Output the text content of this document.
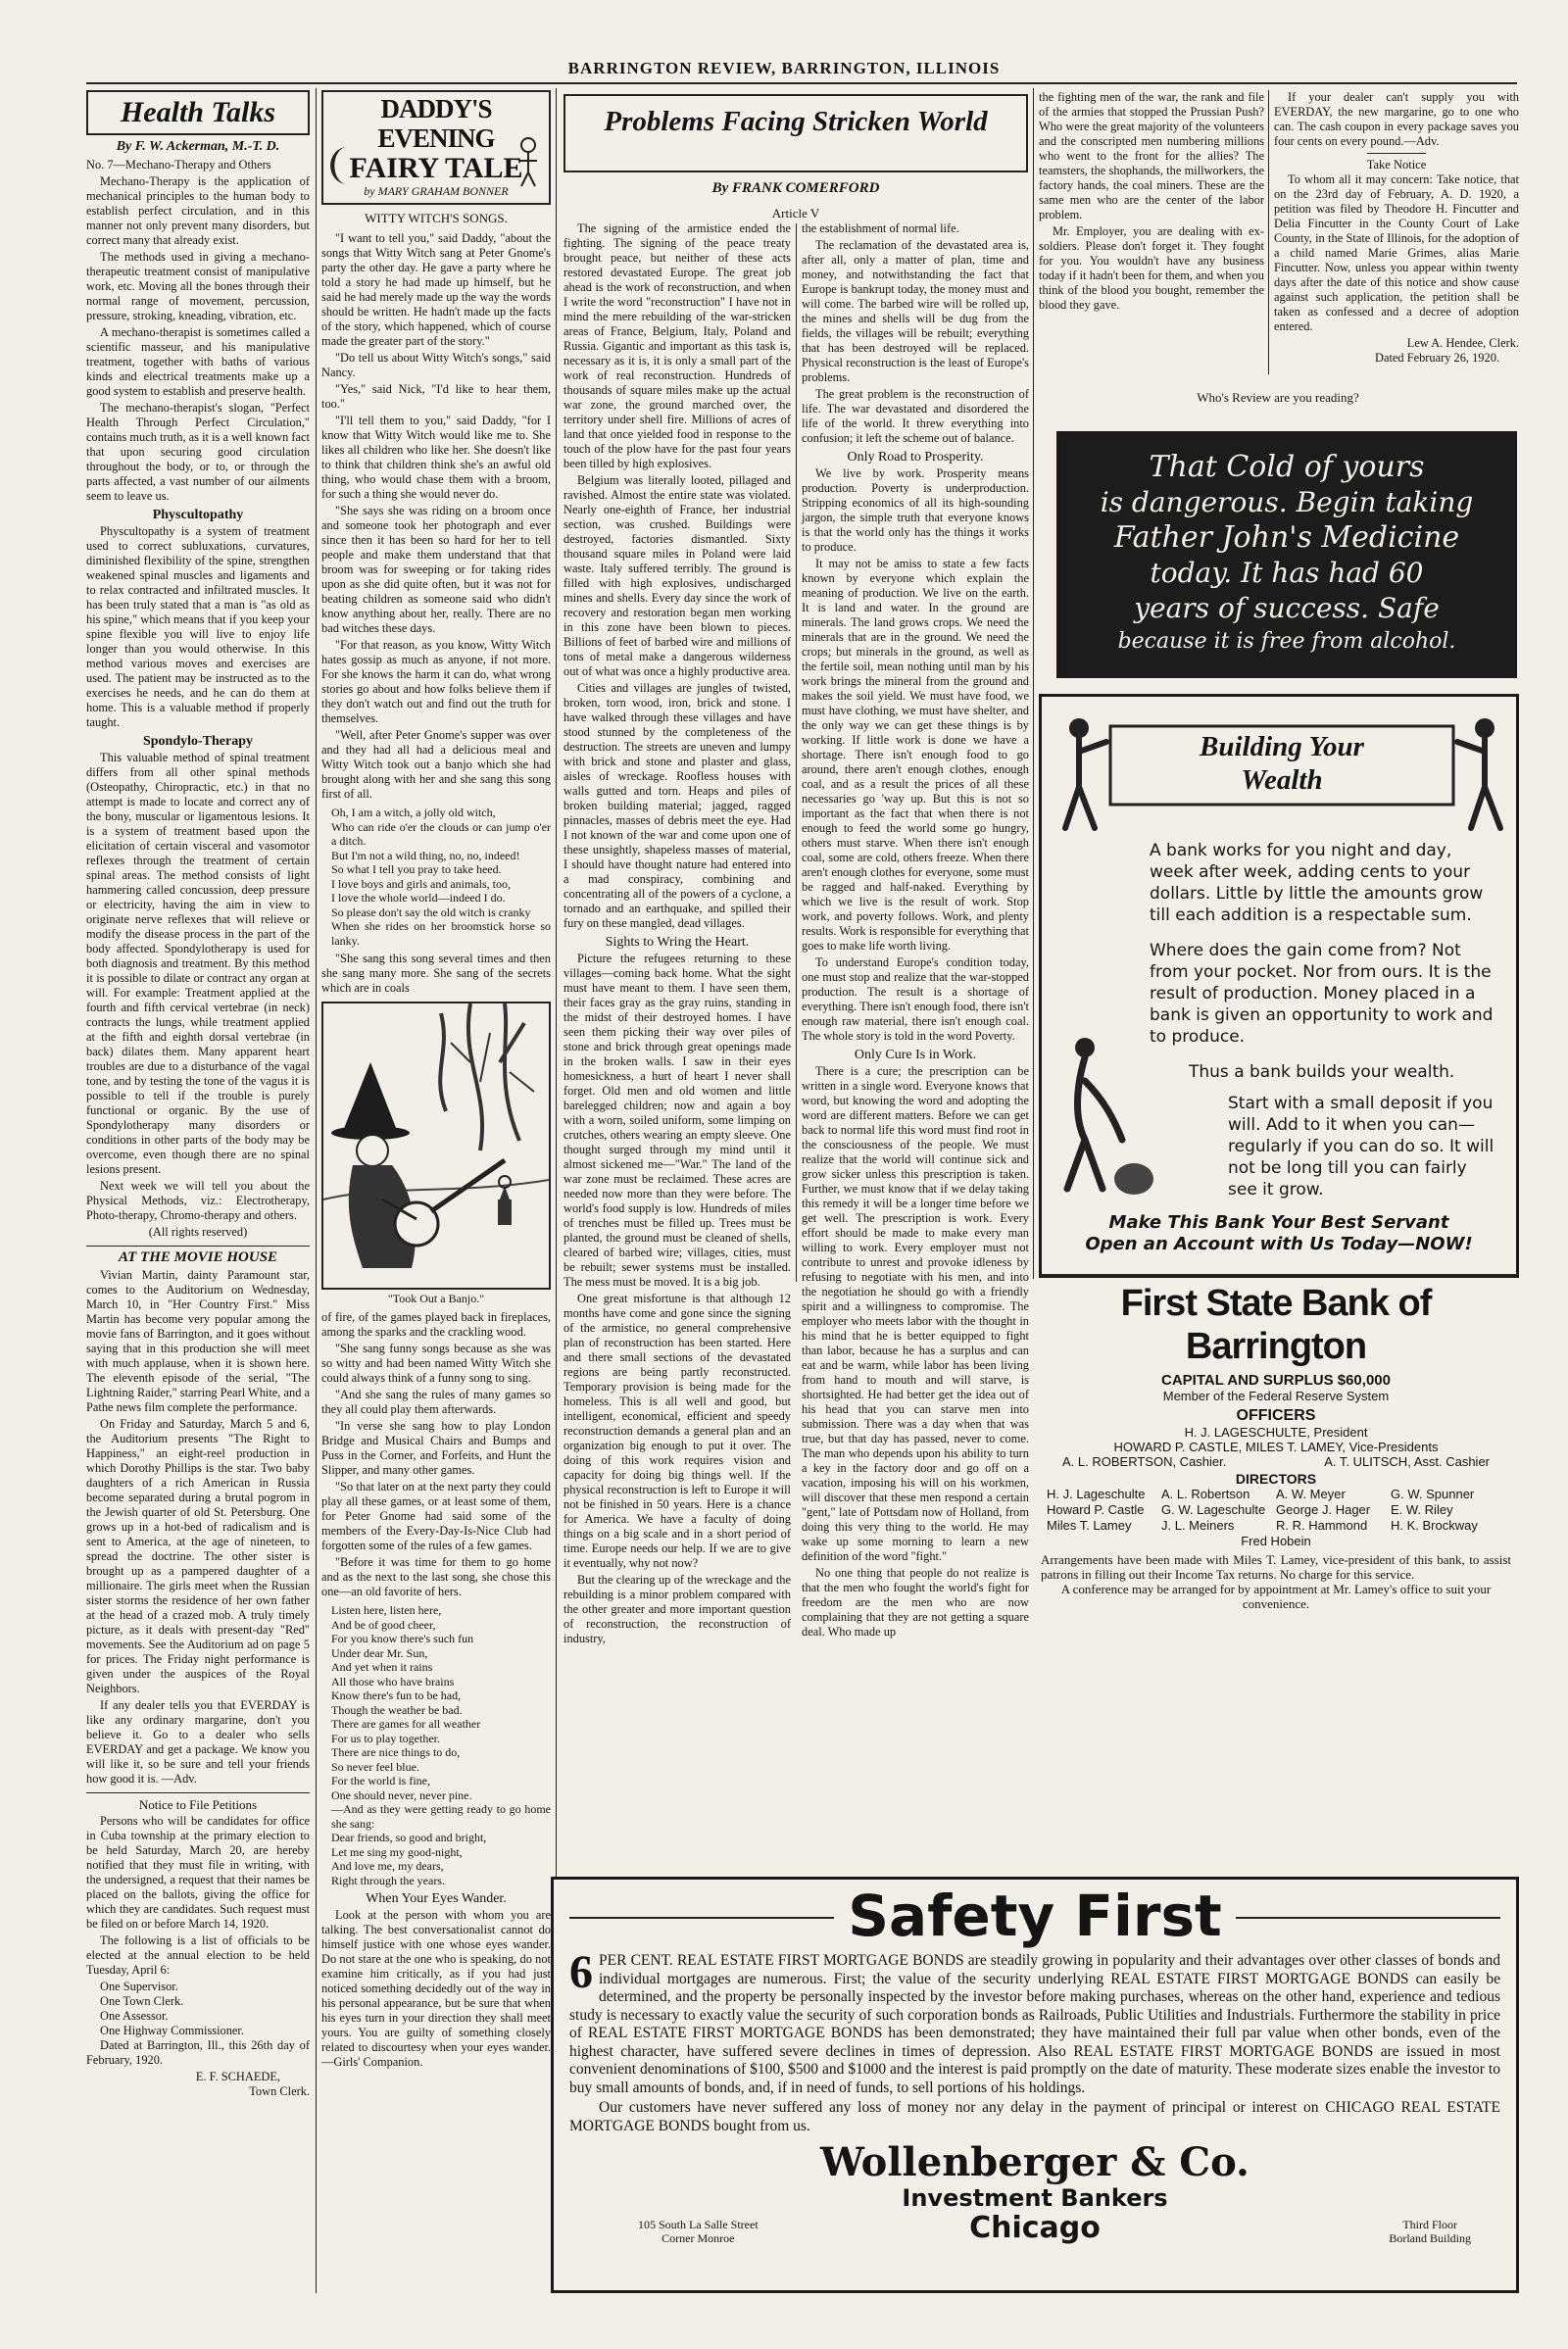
BARRINGTON REVIEW, BARRINGTON, ILLINOIS
Health Talks
By F. W. Ackerman, M.-T. D.

No. 7—Mechano-Therapy and Others

Mechano-Therapy is the application of mechanical principles to the human body to establish perfect circulation, and in this manner not only prevent many disorders, but correct many that already exist.

The methods used in giving a mechano-therapeutic treatment consist of manipulative work, etc. Moving all the bones through their normal range of movement, percussion, pressure, stroking, kneading, vibration, etc.

A mechano-therapist is sometimes called a scientific masseur, and his manipulative treatment, together with baths of various kinds and electrical treatments make up a good system to establish and preserve health.

The mechano-therapist's slogan, "Perfect Health Through Perfect Circulation," contains much truth, as it is a well known fact that upon securing good circulation throughout the body, or to, or through the parts affected, a vast number of our ailments seem to leave us.

Physcultopathy

Physcultopathy is a system of treatment used to correct subluxations, curvatures, diminished flexibility of the spine, strengthen weakened spinal muscles and ligaments and to relax contracted and infiltrated muscles. It has been truly stated that a man is "as old as his spine," which means that if you keep your spine flexible you will live to enjoy life longer than you would otherwise. In this method various moves and exercises are used. The patient may be instructed as to the exercises he needs, and he can do them at home. This is a valuable method if properly taught.

Spondylo-Therapy

This valuable method of spinal treatment differs from all other spinal methods (Osteopathy, Chiropractic, etc.) in that no attempt is made to locate and correct any of the bony, muscular or ligamentous lesions. It is a system of treatment based upon the elicitation of certain visceral and vasomotor reflexes through the treatment of certain spinal areas. The method consists of light hammering called concussion, deep pressure or electricity, having the aim in view to originate nerve reflexes that will relieve or modify the disease process in the part of the body affected. Spondylotherapy is used for both diagnosis and treatment. By this method it is possible to dilate or contract any organ at will. For example: Treatment applied at the fourth and fifth cervical vertebrae (in neck) contracts the lungs, while treatment applied at the fifth and eighth dorsal vertebrae (in back) dilates them. Many apparent heart troubles are due to a disturbance of the vagal tone, and by testing the tone of the vagus it is possible to tell if the trouble is purely functional or organic. By the use of Spondylotherapy many disorders or conditions in other parts of the body may be overcome, even though there are no spinal lesions present.

Next week we will tell you about the Physical Methods, viz.: Electrotherapy, Photo-therapy, Chromo-therapy and others.

(All rights reserved)
AT THE MOVIE HOUSE

Vivian Martin, dainty Paramount star, comes to the Auditorium on Wednesday, March 10, in "Her Country First." Miss Martin has become very popular among the movie fans of Barrington, and it goes without saying that in this production she will meet with much applause, when it is shown here. The eleventh episode of the serial, "The Lightning Raider," starring Pearl White, and a Pathe news film complete the performance.

On Friday and Saturday, March 5 and 6, the Auditorium presents "The Right to Happiness," an eight-reel production in which Dorothy Phillips is the star. Two baby daughters of a rich American in Russia become separated during a brutal pogrom in the Jewish quarter of old St. Petersburg. One grows up in a hot-bed of radicalism and is sent to America, at the age of nineteen, to spread the doctrine. The other sister is brought up as a pampered daughter of a millionaire. The girls meet when the Russian sister storms the residence of her own father at the head of a crazed mob. A truly timely picture, as it deals with present-day "Red" movements. See the Auditorium ad on page 5 for prices. The Friday night performance is given under the auspices of the Royal Neighbors.

If any dealer tells you that EVERDAY is like any ordinary margarine, don't you believe it. Go to a dealer who sells EVERDAY and get a package. We know you will like it, so be sure and tell your friends how good it is. —Adv.

Notice to File Petitions

Persons who will be candidates for office in Cuba township at the primary election to be held Saturday, March 20, are hereby notified that they must file in writing, with the undersigned, a request that their names be placed on the ballots, giving the office for which they are candidates. Such request must be filed on or before March 14, 1920.

The following is a list of officials to be elected at the annual election to be held Tuesday, April 6:

One Supervisor.
One Town Clerk.
One Assessor.
One Highway Commissioner.

Dated at Barrington, Ill., this 26th day of February, 1920.

E. F. SCHAEDE,
Town Clerk.
DADDY'S EVENING
FAIRY TALE
by MARY GRAHAM BONNER
WITTY WITCH'S SONGS.

"I want to tell you," said Daddy, "about the songs that Witty Witch sang at Peter Gnome's party the other day. He gave a party where he told a story he had made up himself, but he said he had merely made up the way the words should be written. He hadn't made up the facts of the story, which happened, which of course made the greater part of the story."

"Do tell us about Witty Witch's songs," said Nancy.

"Yes," said Nick, "I'd like to hear them, too."

"I'll tell them to you," said Daddy, "for I know that Witty Witch would like me to. She likes all children who like her. She doesn't like to think that children think she's an awful old thing, who would chase them with a broom, for such a thing she would never do.

"She says she was riding on a broom once and someone took her photograph and ever since then it has been so hard for her to tell people and make them understand that that broom was for sweeping or for taking rides upon as she did quite often, but it was not for beating children as someone said who didn't know anything about her, really. There are no bad witches these days.

"For that reason, as you know, Witty Witch hates gossip as much as anyone, if not more. For she knows the harm it can do, what wrong stories go about and how folks believe them if they don't watch out and find out the truth for themselves.

"Well, after Peter Gnome's supper was over and they had all had a delicious meal and Witty Witch took out a banjo which she had brought along with her and she sang this song first of all.

Oh, I am a witch, a jolly old witch,

Who can ride o'er the clouds or can jump o'er a ditch.

But I'm not a wild thing, no, no, indeed!

So what I tell you pray to take heed.

I love boys and girls and animals, too,

I love the whole world—indeed I do.

So please don't say the old witch is cranky

When she rides on her broomstick horse so lanky.

"She sang this song several times and then she sang many more. She sang of the secrets which are in coals

"Took Out a Banjo."

of fire, of the games played back in fireplaces, among the sparks and the crackling wood.

"She sang funny songs because as she was so witty and had been named Witty Witch she could always think of a funny song to sing.

"And she sang the rules of many games so they all could play them afterwards.

"In verse she sang how to play London Bridge and Musical Chairs and Bumps and Puss in the Corner, and Forfeits, and Hunt the Slipper, and many other games.

"So that later on at the next party they could play all these games, or at least some of them, for Peter Gnome had said some of the members of the Every-Day-Is-Nice Club had forgotten some of the rules of a few games.

"Before it was time for them to go home and as the next to the last song, she chose this one—an old favorite of hers.

Listen here, listen here,

And be of good cheer,

For you know there's such fun

Under dear Mr. Sun,

And yet when it rains

All those who have brains

Know there's fun to be had,

Though the weather be bad.

There are games for all weather

For us to play together.

There are nice things to do,

So never feel blue.

For the world is fine,

One should never, never pine.

—And as they were getting ready to go home she sang:

Dear friends, so good and bright,

Let me sing my good-night,

And love me, my dears,

Right through the years.

When Your Eyes Wander.

Look at the person with whom you are talking. The best conversationalist cannot do himself justice with one whose eyes wander. Do not stare at the one who is speaking, do not examine him critically, as if you had just noticed something decidedly out of the way in his personal appearance, but be sure that when his eyes turn in your direction they shall meet yours. You are guilty of something closely related to discourtesy when your eyes wander.—Girls' Companion.

Problems Facing Stricken World
By FRANK COMERFORD
Article V

The signing of the armistice ended the fighting. The signing of the peace treaty brought peace, but neither of these acts restored devastated Europe. The great job ahead is the work of reconstruction, and when I write the word "reconstruction" I have not in mind the mere rebuilding of the war-stricken areas of France, Belgium, Italy, Poland and Russia. Gigantic and important as this task is, necessary as it is, it is only a small part of the work of real reconstruction. Hundreds of thousands of square miles make up the actual war zone, the ground marched over, the territory under shell fire. Millions of acres of land that once yielded food in response to the touch of the plow have for the past four years been tilled by high explosives.

Belgium was literally looted, pillaged and ravished. Almost the entire state was violated. Nearly one-eighth of France, her industrial section, was crushed. Buildings were destroyed, factories dismantled. Sixty thousand square miles in Poland were laid waste. Italy suffered terribly. The ground is filled with high explosives, undischarged mines and shells. Every day since the work of recovery and restoration began men working in this zone have been blown to pieces. Billions of feet of barbed wire and millions of tons of metal make a dangerous wilderness out of what was once a highly productive area.

Cities and villages are jungles of twisted, broken, torn wood, iron, brick and stone. I have walked through these villages and have stood stunned by the completeness of the destruction. The streets are uneven and lumpy with brick and stone and plaster and glass, aisles of wreckage. Roofless houses with walls gutted and torn. Heaps and piles of broken building material; jagged, ragged pinnacles, masses of debris meet the eye. Had I not known of the war and come upon one of these unsightly, shapeless masses of material, I should have thought nature had entered into a mad conspiracy, combining and concentrating all of the powers of a cyclone, a tornado and an earthquake, and spilled their fury on these mangled, dead villages.

Sights to Wring the Heart.

Picture the refugees returning to these villages—coming back home. What the sight must have meant to them. I have seen them, their faces gray as the gray ruins, standing in the midst of their destroyed homes. I have seen them picking their way over piles of stone and brick through great openings made in the broken walls. I saw in their eyes homesickness, a hurt of heart I never shall forget. Old men and old women and little barelegged children; now and again a boy with a worn, soiled uniform, some limping on crutches, others wearing an empty sleeve. One thought surged through my mind until it almost sickened me—"War." The land of the war zone must be reclaimed. These acres are needed now more than they were before. The world's food supply is low. Hundreds of miles of trenches must be filled up. Trees must be planted, the ground must be cleaned of shells, cleared of barbed wire; villages, cities, must be rebuilt; sewer systems must be installed. The mess must be moved. It is a big job.

One great misfortune is that although 12 months have come and gone since the signing of the armistice, no general comprehensive plan of reconstruction has been started. Here and there small sections of the devastated regions are being partly reconstructed. Temporary provision is being made for the homeless. This is all well and good, but intelligent, economical, efficient and speedy reconstruction demands a general plan and an organization big enough to put it over. The doing of this work requires vision and capacity for doing big things well. If the physical reconstruction is left to Europe it will not be finished in 50 years. Here is a chance for America. We have a faculty of doing things on a big scale and in a short period of time. Europe needs our help. If we are to give it eventually, why not now?

But the clearing up of the wreckage and the rebuilding is a minor problem compared with the other greater and more important question of reconstruction, the reconstruction of industry,

the establishment of normal life.

The reclamation of the devastated area is, after all, only a matter of plan, time and money, and notwithstanding the fact that Europe is bankrupt today, the money must and will come. The barbed wire will be rolled up, the mines and shells will be dug from the fields, the villages will be rebuilt; everything that has been destroyed will be replaced. Physical reconstruction is the least of Europe's problems.

The great problem is the reconstruction of life. The war devastated and disordered the life of the world. It threw everything into confusion; it left the scheme out of balance.

Only Road to Prosperity.

We live by work. Prosperity means production. Poverty is underproduction. Stripping economics of all its high-sounding jargon, the simple truth that everyone knows is that the world only has the things it works to produce.

It may not be amiss to state a few facts known by everyone which explain the meaning of production. We live on the earth. It is land and water. In the ground are minerals. The land grows crops. We need the minerals that are in the ground. We need the crops; but minerals in the ground, as well as the fertile soil, mean nothing until man by his work brings the mineral from the ground and makes the soil yield. We must have food, we must have clothing, we must have shelter, and the only way we can get these things is by working. If little work is done we have a shortage. There isn't enough food to go around, there aren't enough clothes, enough coal, and as a result the prices of all these necessaries go 'way up. But this is not so important as the fact that when there is not enough to feed the world some go hungry, others must starve. When there isn't enough coal, some are cold, others freeze. When there aren't enough clothes for everyone, some must be ragged and half-naked. Everything by which we live is the result of work. Stop work, and poverty follows. Work, and plenty results. Work is responsible for everything that goes to make life worth living.

To understand Europe's condition today, one must stop and realize that the war-stopped production. The result is a shortage of everything. There isn't enough food, there isn't enough raw material, there isn't enough coal. The whole story is told in the word Poverty.

Only Cure Is in Work.

There is a cure; the prescription can be written in a single word. Everyone knows that word, but knowing the word and adopting the word are different matters. Before we can get back to normal life this word must find root in the consciousness of the people. We must realize that the world will continue sick and grow sicker unless this prescription is taken. Further, we must know that if we delay taking this remedy it will be a longer time before we get well. The prescription is work. Every effort should be made to make every man willing to work. Every employer must not contribute to unrest and provoke idleness by refusing to negotiate with his men, and into the negotiation he should go with a friendly spirit and a willingness to compromise. The employer who meets labor with the thought in his mind that he is better equipped to fight than labor, because he has a surplus and can eat and be warm, while labor has been living from hand to mouth and will starve, is shortsighted. He had better get the idea out of his head that you can starve men into submission. There was a day when that was true, but that day has passed, never to come. The man who depends upon his ability to turn a key in the factory door and go off on a vacation, imposing his will on his workmen, will discover that these men respond a certain "gent," late of Pottsdam now of Holland, from doing this very thing to the world. He may wake up some morning to learn a new definition of the word "fight."

No one thing that people do not realize is that the men who fought the world's fight for freedom are the men who are now complaining that they are not getting a square deal. Who made up

the fighting men of the war, the rank and file of the armies that stopped the Prussian Push? Who were the great majority of the volunteers and the conscripted men numbering millions who went to the front for the allies? The teamsters, the shophands, the millworkers, the factory hands, the coal miners. These are the same men who are the center of the labor problem.

Mr. Employer, you are dealing with ex-soldiers. Please don't forget it. They fought for you. You wouldn't have any business today if it hadn't been for them, and when you think of the blood you bought, remember the blood they gave.

If your dealer can't supply you with EVERDAY, the new margarine, go to one who can. The cash coupon in every package saves you four cents on every pound.—Adv.

Take Notice

To whom all it may concern: Take notice, that on the 23rd day of February, A. D. 1920, a petition was filed by Theodore H. Fincutter and Delia Fincutter in the County Court of Lake County, in the State of Illinois, for the adoption of a child named Marie Grimes, alias Marie Fincutter. Now, unless you appear within twenty days after the date of this notice and show cause against such application, the petition shall be taken as confessed and a decree of adoption entered.

Lew A. Hendee, Clerk.
Dated February 26, 1920.
Who's Review are you reading?
That Cold of yours
is dangerous. Begin taking
Father John's Medicine
today. It has had 60
years of success. Safe
because it is free from alcohol.
Building Your
Wealth

A bank works for you night and day, week after week, adding cents to your dollars. Little by little the amounts grow till each addition is a respectable sum.

Where does the gain come from? Not from your pocket. Nor from ours. It is the result of production. Money placed in a bank is given an opportunity to work and to produce.

Thus a bank builds your wealth.

Start with a small deposit if you will. Add to it when you can—regularly if you can do so. It will not be long till you can fairly see it grow.

Make This Bank Your Best Servant
Open an Account with Us Today—NOW!
First State Bank of Barrington
CAPITAL AND SURPLUS $60,000
Member of the Federal Reserve System
OFFICERS
H. J. LAGESCHULTE, President
HOWARD P. CASTLE, MILES T. LAMEY, Vice-Presidents
A. L. ROBERTSON, Cashier.	A. T. ULITSCH, Asst. Cashier
DIRECTORS
H. J. Lageschulte	A. L. Robertson	A. W. Meyer	G. W. Spunner
Howard P. Castle	G. W. Lageschulte George J. Hager	E. W. Riley
Miles T. Lamey	J. L. Meiners	R. R. Hammond	H. K. Brockway
Fred Hobein
Arrangements have been made with Miles T. Lamey, vice-president of this bank, to assist patrons in filling out their Income Tax returns. No charge for this service.
A conference may be arranged for by appointment at Mr. Lamey's office to suit your convenience.
Safety First
6 PER CENT. REAL ESTATE FIRST MORTGAGE BONDS are steadily growing in popularity and their advantages over other classes of bonds and individual mortgages are numerous. First; the value of the security underlying REAL ESTATE FIRST MORTGAGE BONDS can easily be determined, and the property be personally inspected by the investor before making purchases, whereas on the other hand, experience and tedious study is necessary to exactly value the security of such corporation bonds as Railroads, Public Utilities and Industrials. Furthermore the stability in price of REAL ESTATE FIRST MORTGAGE BONDS has been demonstrated; they have maintained their full par value when other bonds, even of the highest character, have suffered severe declines in times of depression. Also REAL ESTATE FIRST MORTGAGE BONDS are issued in most convenient denominations of $100, $500 and $1000 and the interest is paid promptly on the date of maturity. These moderate sizes enable the investor to buy small amounts of bonds, and, if in need of funds, to sell portions of his holdings.
Our customers have never suffered any loss of money nor any delay in the payment of principal or interest on CHICAGO REAL ESTATE MORTGAGE BONDS bought from us.
Wollenberger & Co.
Investment Bankers
Chicago
105 South La Salle Street
Corner Monroe
Third Floor
Borland Building
